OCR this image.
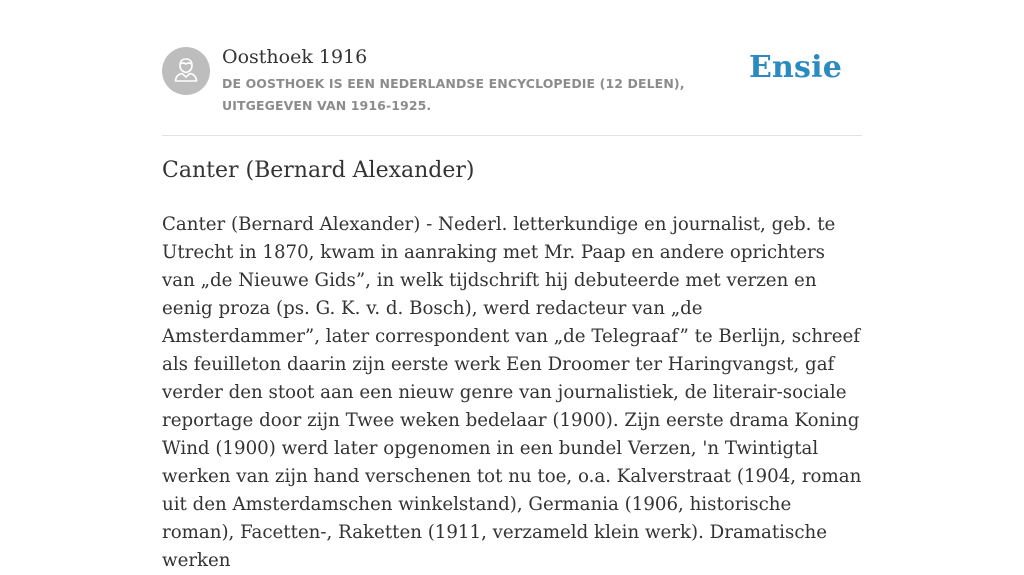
Oosthoek 1916
DE OOSTHOEK IS EEN NEDERLANDSE ENCYCLOPEDIE (12 DELEN), UITGEGEVEN VAN 1916-1925.
Ensie
Canter (Bernard Alexander)

Canter (Bernard Alexander) - Nederl. letterkundige en journalist, geb. te Utrecht in 1870, kwam in aanraking met Mr. Paap en andere oprichters van „de Nieuwe Gids”, in welk tijdschrift hij debuteerde met verzen en eenig proza (ps. G. K. v. d. Bosch), werd redacteur van „de Amsterdammer”, later correspondent van „de Telegraaf” te Berlijn, schreef als feuilleton daarin zijn eerste werk Een Droomer ter Haringvangst, gaf verder den stoot aan een nieuw genre van journalistiek, de literair-sociale reportage door zijn Twee weken bedelaar (1900). Zijn eerste drama Koning Wind (1900) werd later opgenomen in een bundel Verzen, 'n Twintigtal werken van zijn hand verschenen tot nu toe, o.a. Kalverstraat (1904, roman uit den Amsterdamschen winkelstand), Germania (1906, historische roman), Facetten-, Raketten (1911, verzameld klein werk). Dramatische werken
